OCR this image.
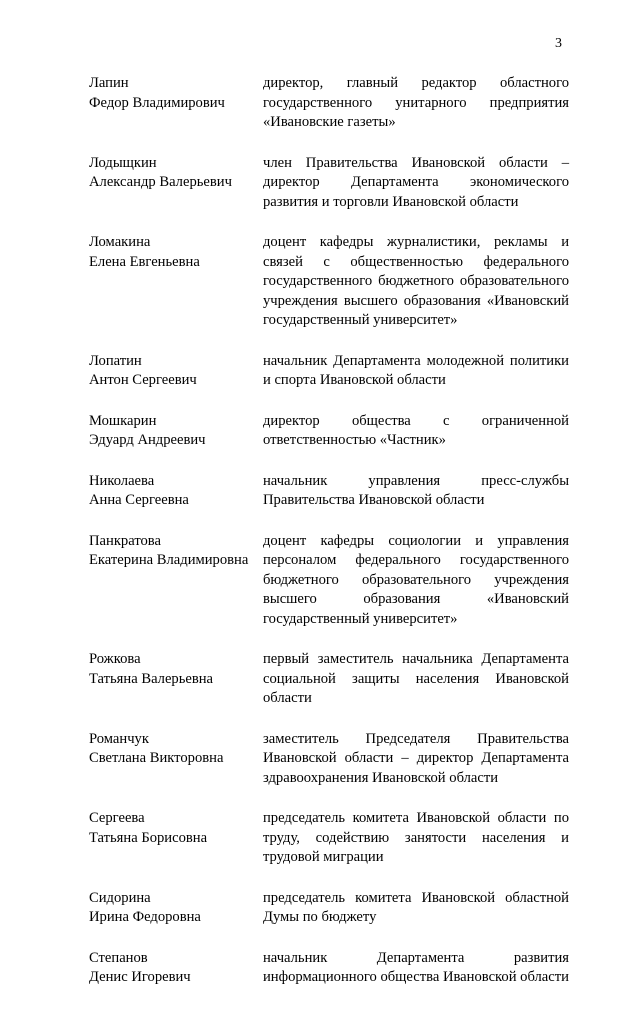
3
Лапин
Федор Владимирович
директор, главный редактор областного государственного унитарного предприятия «Ивановские газеты»
Лодыщкин
Александр Валерьевич
член Правительства Ивановской области – директор Департамента экономического развития и торговли Ивановской области
Ломакина
Елена Евгеньевна
доцент кафедры журналистики, рекламы и связей с общественностью федерального государственного бюджетного образовательного учреждения высшего образования «Ивановский государственный университет»
Лопатин
Антон Сергеевич
начальник Департамента молодежной политики и спорта Ивановской области
Мошкарин
Эдуард Андреевич
директор общества с ограниченной ответственностью «Частник»
Николаева
Анна Сергеевна
начальник управления пресс-службы Правительства Ивановской области
Панкратова
Екатерина Владимировна
доцент кафедры социологии и управления персоналом федерального государственного бюджетного образовательного учреждения высшего образования «Ивановский государственный университет»
Рожкова
Татьяна Валерьевна
первый заместитель начальника Департамента социальной защиты населения Ивановской области
Романчук
Светлана Викторовна
заместитель Председателя Правительства Ивановской области – директор Департамента здравоохранения Ивановской области
Сергеева
Татьяна Борисовна
председатель комитета Ивановской области по труду, содействию занятости населения и трудовой миграции
Сидорина
Ирина Федоровна
председатель комитета Ивановской областной Думы по бюджету
Степанов
Денис Игоревич
начальник Департамента развития информационного общества Ивановской области
